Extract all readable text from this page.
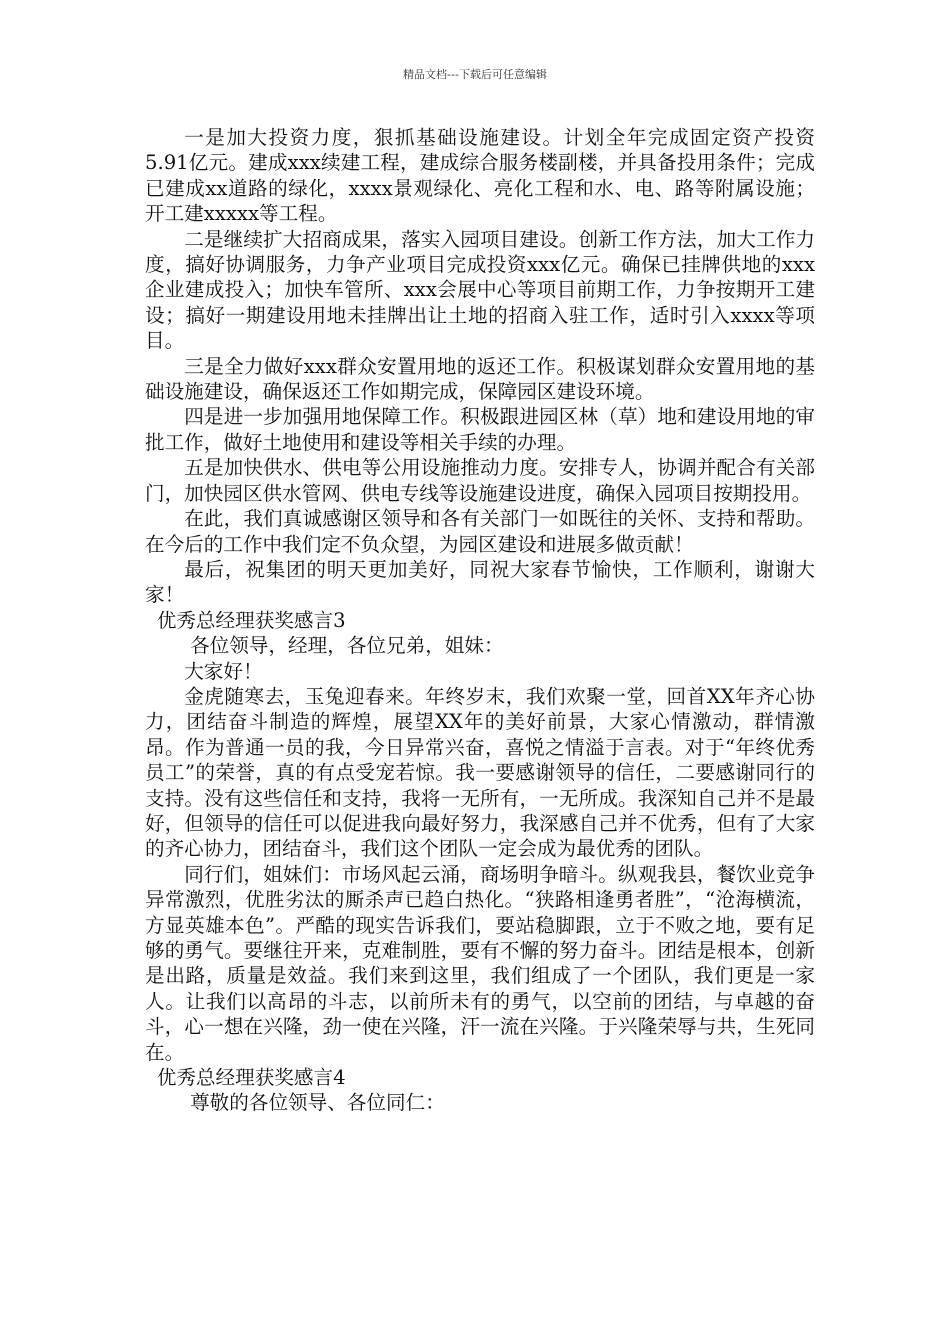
精品文档---下载后可任意编辑

一是加大投资力度，狠抓基础设施建设。计划全年完成固定资产投资5.91亿元。建成xxx续建工程，建成综合服务楼副楼，并具备投用条件；完成已建成xx道路的绿化，xxxx景观绿化、亮化工程和水、电、路等附属设施；开工建xxxxx等工程。

二是继续扩大招商成果，落实入园项目建设。创新工作方法，加大工作力度，搞好协调服务，力争产业项目完成投资xxx亿元。确保已挂牌供地的xxx企业建成投入；加快车管所、xxx会展中心等项目前期工作，力争按期开工建设；搞好一期建设用地未挂牌出让土地的招商入驻工作，适时引入xxxx等项目。

三是全力做好xxx群众安置用地的返还工作。积极谋划群众安置用地的基础设施建设，确保返还工作如期完成，保障园区建设环境。

四是进一步加强用地保障工作。积极跟进园区林（草）地和建设用地的审批工作，做好土地使用和建设等相关手续的办理。

五是加快供水、供电等公用设施推动力度。安排专人，协调并配合有关部门，加快园区供水管网、供电专线等设施建设进度，确保入园项目按期投用。

在此，我们真诚感谢区领导和各有关部门一如既往的关怀、支持和帮助。在今后的工作中我们定不负众望，为园区建设和进展多做贡献！

最后，祝集团的明天更加美好，同祝大家春节愉快，工作顺利，谢谢大家！

优秀总经理获奖感言3

各位领导，经理，各位兄弟，姐妹：

大家好！

金虎随寒去，玉兔迎春来。年终岁末，我们欢聚一堂，回首XX年齐心协力，团结奋斗制造的辉煌，展望XX年的美好前景，大家心情激动，群情激昂。作为普通一员的我，今日异常兴奋，喜悦之情溢于言表。对于“年终优秀员工”的荣誉，真的有点受宠若惊。我一要感谢领导的信任，二要感谢同行的支持。没有这些信任和支持，我将一无所有，一无所成。我深知自己并不是最好，但领导的信任可以促进我向最好努力，我深感自己并不优秀，但有了大家的齐心协力，团结奋斗，我们这个团队一定会成为最优秀的团队。

同行们，姐妹们：市场风起云涌，商场明争暗斗。纵观我县，餐饮业竞争异常激烈，优胜劣汰的厮杀声已趋白热化。“狭路相逢勇者胜”，“沧海横流，方显英雄本色”。严酷的现实告诉我们，要站稳脚跟，立于不败之地，要有足够的勇气。要继往开来，克难制胜，要有不懈的努力奋斗。团结是根本，创新是出路，质量是效益。我们来到这里，我们组成了一个团队，我们更是一家人。让我们以高昂的斗志，以前所未有的勇气，以空前的团结，与卓越的奋斗，心一想在兴隆，劲一使在兴隆，汗一流在兴隆。于兴隆荣辱与共，生死同在。

优秀总经理获奖感言4

尊敬的各位领导、各位同仁：
